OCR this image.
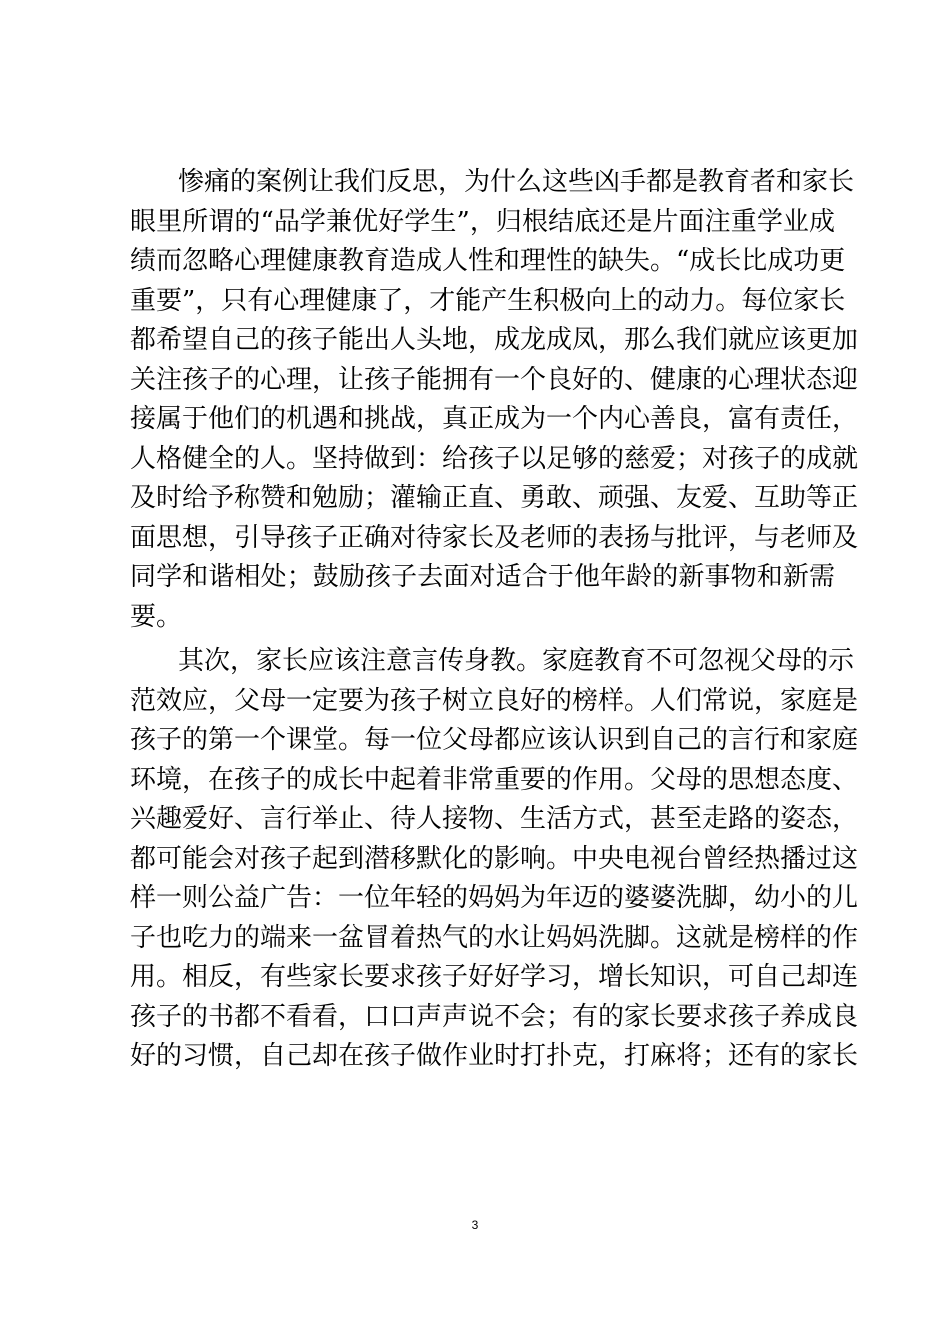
惨痛的案例让我们反思，为什么这些凶手都是教育者和家长
眼里所谓的“品学兼优好学生”，归根结底还是片面注重学业成
绩而忽略心理健康教育造成人性和理性的缺失。“成长比成功更
重要”，只有心理健康了，才能产生积极向上的动力。每位家长
都希望自己的孩子能出人头地，成龙成凤，那么我们就应该更加
关注孩子的心理，让孩子能拥有一个良好的、健康的心理状态迎
接属于他们的机遇和挑战，真正成为一个内心善良，富有责任，
人格健全的人。坚持做到：给孩子以足够的慈爱；对孩子的成就
及时给予称赞和勉励；灌输正直、勇敢、顽强、友爱、互助等正
面思想，引导孩子正确对待家长及老师的表扬与批评，与老师及
同学和谐相处；鼓励孩子去面对适合于他年龄的新事物和新需
要。
其次，家长应该注意言传身教。家庭教育不可忽视父母的示
范效应，父母一定要为孩子树立良好的榜样。人们常说，家庭是
孩子的第一个课堂。每一位父母都应该认识到自己的言行和家庭
环境，在孩子的成长中起着非常重要的作用。父母的思想态度、
兴趣爱好、言行举止、待人接物、生活方式，甚至走路的姿态，
都可能会对孩子起到潜移默化的影响。中央电视台曾经热播过这
样一则公益广告：一位年轻的妈妈为年迈的婆婆洗脚，幼小的儿
子也吃力的端来一盆冒着热气的水让妈妈洗脚。这就是榜样的作
用。相反，有些家长要求孩子好好学习，增长知识，可自己却连
孩子的书都不看看，口口声声说不会；有的家长要求孩子养成良
好的习惯，自己却在孩子做作业时打扑克，打麻将；还有的家长
3
